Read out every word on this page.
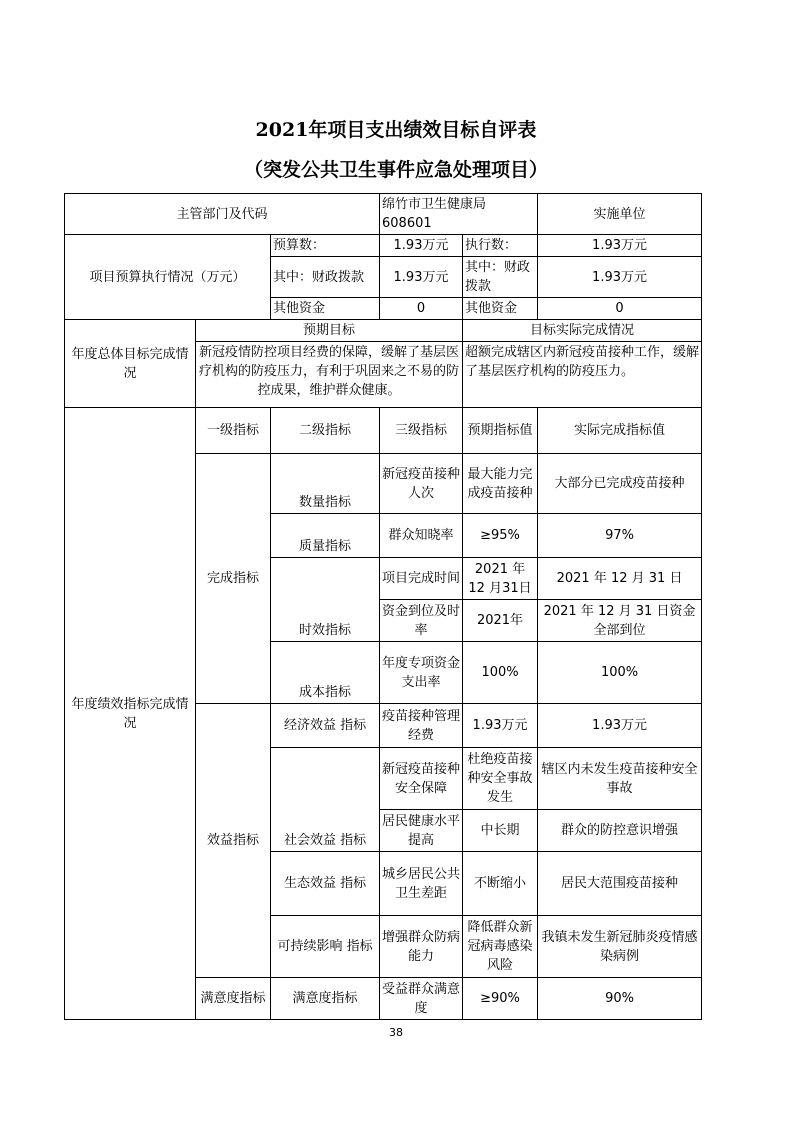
2021年项目支出绩效目标自评表
（突发公共卫生事件应急处理项目）
主管部门及代码			绵竹市卫生健康局 608601		实施单位

项目预算执行情况（万元）		预算数：	1.93万元	执行数：	1.93万元
		其中：财政拨款	1.93万元	其中：财政拨款	1.93万元
		其他资金	0	其他资金	0
年度总体目标完成情况	预期目标			目标实际完成情况	
	新冠疫情防控项目经费的保障，缓解了基层医疗机构的防疫压力，有利于巩固来之不易的防控成果，维护群众健康。			超额完成辖区内新冠疫苗接种工作，缓解了基层医疗机构的防疫压力。	
年度绩效指标完成情况	一级指标	二级指标	三级指标	预期指标值	实际完成指标值
	完成指标	数量指标	新冠疫苗接种人次	最大能力完成疫苗接种	大部分已完成疫苗接种
		质量指标	群众知晓率	≥95%	97%
		时效指标	项目完成时间	2021 年 12 月31日	2021 年 12 月 31 日
			资金到位及时率	2021年	2021 年 12 月 31 日资金全部到位
		成本指标	年度专项资金支出率	100%	100%

	效益指标	经济效益 指标	疫苗接种管理经费	1.93万元	1.93万元
		社会效益 指标	新冠疫苗接种安全保障	杜绝疫苗接种安全事故发生	辖区内未发生疫苗接种安全事故
			居民健康水平提高	中长期	群众的防控意识增强
		生态效益 指标	城乡居民公共卫生差距	不断缩小	居民大范围疫苗接种
		可持续影响 指标	增强群众防病能力	降低群众新冠病毒感染风险	我镇未发生新冠肺炎疫情感染病例

	满意度指标	满意度指标	受益群众满意度	≥90%	90%
38
